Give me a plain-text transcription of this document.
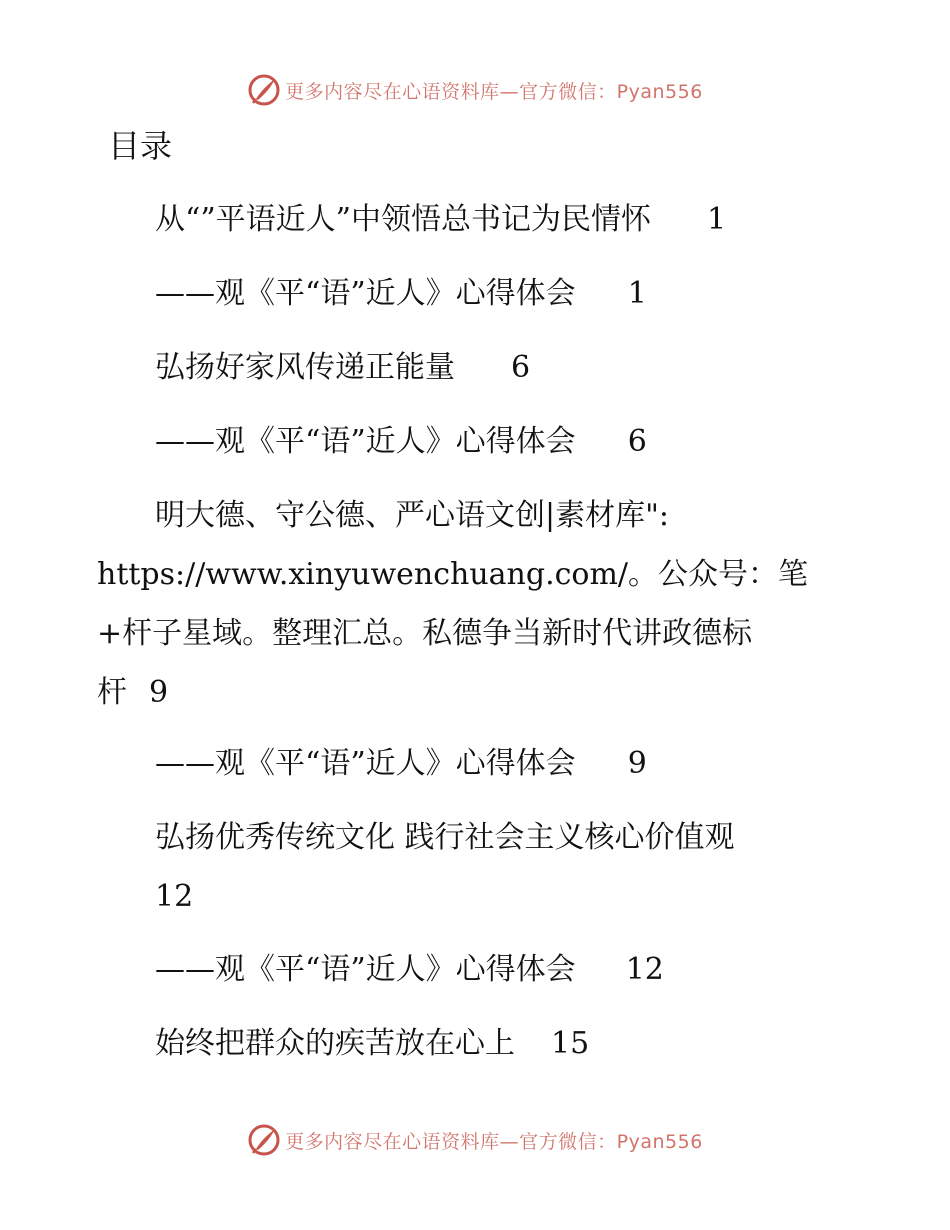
更多内容尽在心语资料库—官方微信：Pyan556
目录
从“”平语近人”中领悟总书记为民情怀 1
——观《平“语”近人》心得体会 1
弘扬好家风传递正能量 6
——观《平“语”近人》心得体会 6
明大德、守公德、严心语文创|素材库":
https://www.xinyuwenchuang.com/。公众号：笔
+杆子星域。整理汇总。私德争当新时代讲政德标
杆 9
——观《平“语”近人》心得体会 9
弘扬优秀传统文化 践行社会主义核心价值观
12
——观《平“语”近人》心得体会 12
始终把群众的疾苦放在心上 15
更多内容尽在心语资料库—官方微信：Pyan556
